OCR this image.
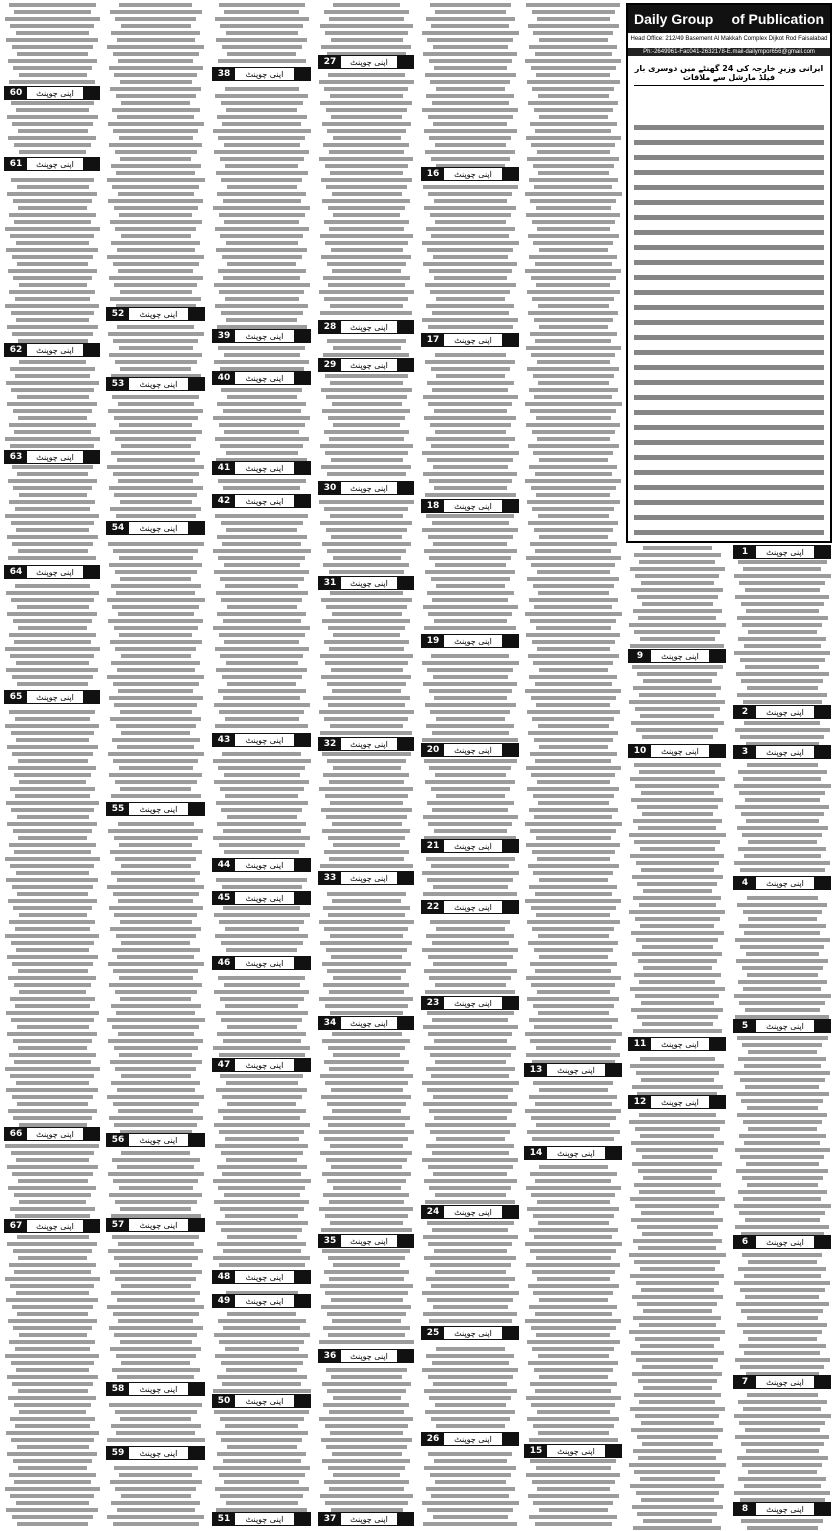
Daily Group of Publication
Head Office: 212/49 Basement Al Makkah Complex Dijkot Rod Faisalabad
Ph:-2649961-Fac041-2632178-E.mail-dailympor656@gmail.com
ایرانی وزیرِ خارجہ کی 24 گھنٹے میں دوسری بار فیلڈ مارشل سے ملاقات
60	اپنی چوپنٹ
61	اپنی چوپنٹ
62	اپنی چوپنٹ
63	اپنی چوپنٹ
64	اپنی چوپنٹ
65	اپنی چوپنٹ
66	اپنی چوپنٹ
67	اپنی چوپنٹ
52	اپنی چوپنٹ
53	اپنی چوپنٹ
54	اپنی چوپنٹ
55	اپنی چوپنٹ
56	اپنی چوپنٹ
57	اپنی چوپنٹ
58	اپنی چوپنٹ
59	اپنی چوپنٹ
38	اپنی چوپنٹ
39	اپنی چوپنٹ
40	اپنی چوپنٹ
41	اپنی چوپنٹ
42	اپنی چوپنٹ
43	اپنی چوپنٹ
44	اپنی چوپنٹ
45	اپنی چوپنٹ
46	اپنی چوپنٹ
47	اپنی چوپنٹ
48	اپنی چوپنٹ
49	اپنی چوپنٹ
50	اپنی چوپنٹ
51	اپنی چوپنٹ
27	اپنی چوپنٹ
28	اپنی چوپنٹ
29	اپنی چوپنٹ
30	اپنی چوپنٹ
31	اپنی چوپنٹ
32	اپنی چوپنٹ
33	اپنی چوپنٹ
34	اپنی چوپنٹ
35	اپنی چوپنٹ
36	اپنی چوپنٹ
37	اپنی چوپنٹ
16	اپنی چوپنٹ
17	اپنی چوپنٹ
18	اپنی چوپنٹ
19	اپنی چوپنٹ
20	اپنی چوپنٹ
21	اپنی چوپنٹ
22	اپنی چوپنٹ
23	اپنی چوپنٹ
24	اپنی چوپنٹ
25	اپنی چوپنٹ
26	اپنی چوپنٹ
13	اپنی چوپنٹ
14	اپنی چوپنٹ
15	اپنی چوپنٹ
9	اپنی چوپنٹ
10	اپنی چوپنٹ
11	اپنی چوپنٹ
12	اپنی چوپنٹ
1	اپنی چوپنٹ
2	اپنی چوپنٹ
3	اپنی چوپنٹ
4	اپنی چوپنٹ
5	اپنی چوپنٹ
6	اپنی چوپنٹ
7	اپنی چوپنٹ
8	اپنی چوپنٹ
